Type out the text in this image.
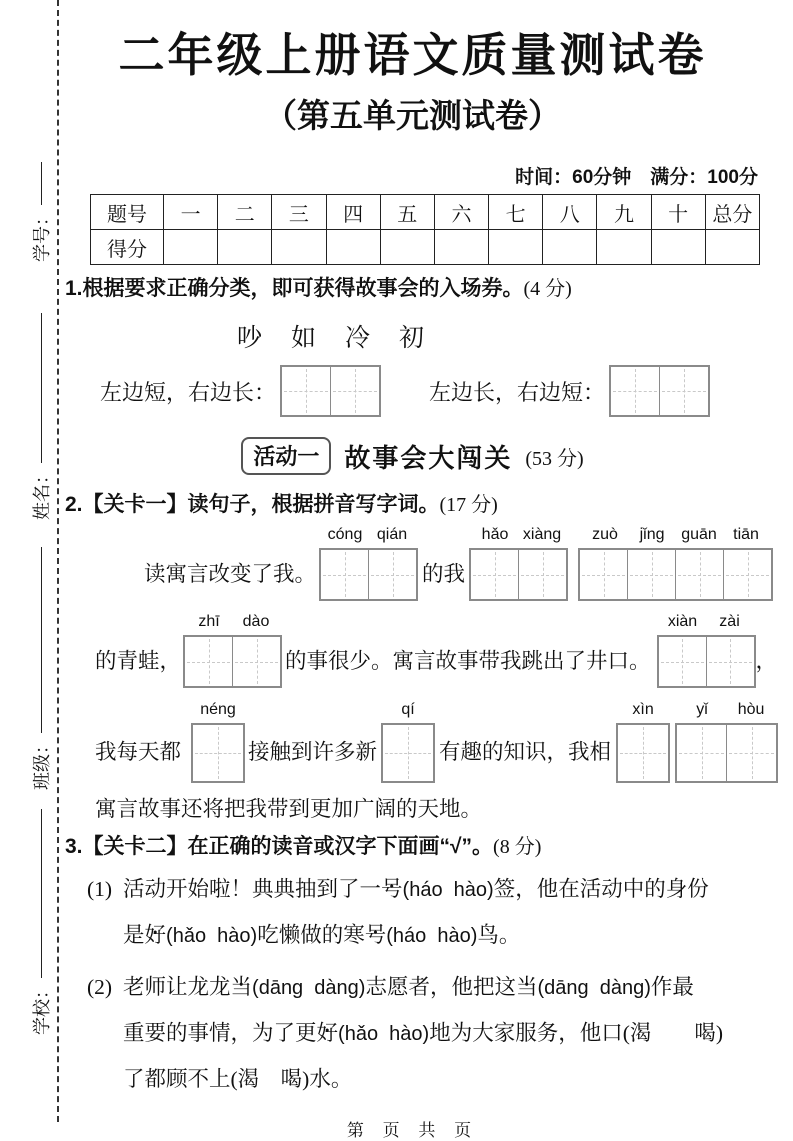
学号：
姓名：
班级：
学校：
二年级上册语文质量测试卷
（第五单元测试卷）
时间：60分钟　满分：100分
题号	一	二	三	四	五	六	七	八	九	十	总分
得分											
1.根据要求正确分类，即可获得故事会的入场券。(4 分)
吵 如 冷 初
左边短，右边长：	左边长，右边短：
活动一 故事会大闯关 (53 分)
2.【关卡一】读句子，根据拼音写字词。(17 分)
读寓言改变了我。
cóng qián
的我
hǎo xiàng	zuò	jǐng	guān	tiān
的青蛙，
zhī	dào
的事很少。寓言故事带我跳出了井口。
xiàn	zài
，
我每天都
néng
接触到许多新
qí
有趣的知识，我相
xìn	yǐ	hòu
寓言故事还将把我带到更加广阔的天地。
3.【关卡二】在正确的读音或汉字下面画“√”。(8 分)
(1) 活动开始啦！典典抽到了一号 •(háo  hào)签，他在活动中的身份
是好 •(hǎo  hào)吃懒做的寒号 •(háo  hào)鸟。
(2) 老师让龙龙当 •(dāng  dàng)志愿者，他把这当 •(dāng  dàng)作最
重要的事情，为了更好 •(hǎo  hào)地为大家服务，他口(渴　　喝)
了都顾不上(渴　喝)水。
第 页 共 页
